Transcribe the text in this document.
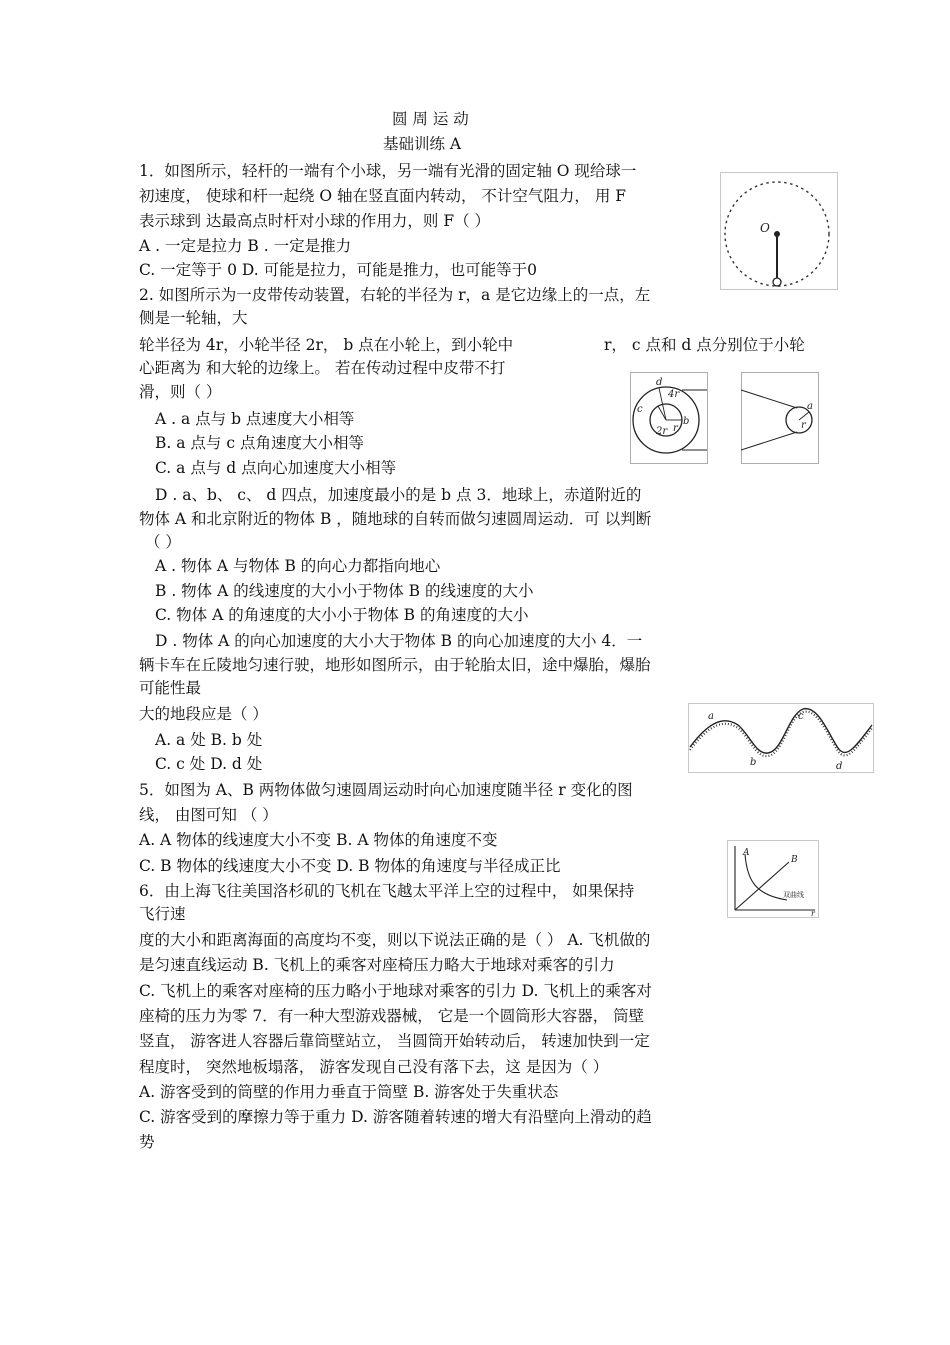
圆 周 运 动
基础训练 A
1．如图所示，轻杆的一端有个小球，另一端有光滑的固定轴 O 现给球一
初速度， 使球和杆一起绕 O 轴在竖直面内转动， 不计空气阻力， 用 F
表示球到 达最高点时杆对小球的作用力，则 F（ ）
A . 一定是拉力 B . 一定是推力
C. 一定等于 0 D. 可能是拉力，可能是推力，也可能等于0
2. 如图所示为一皮带传动装置，右轮的半径为 r，a 是它边缘上的一点，左
侧是一轮轴，大
轮半径为 4r，小轮半径 2r， b 点在小轮上，到小轮中
心距离为 和大轮的边缘上。 若在传动过程中皮带不打
滑，则（ ）
A . a 点与 b 点速度大小相等
B. a 点与 c 点角速度大小相等
C. a 点与 d 点向心加速度大小相等
D . a、b、 c、 d 四点，加速度最小的是 b 点 3．地球上，赤道附近的
物体 A 和北京附近的物体 B ，随地球的自转而做匀速圆周运动．可 以判断
（ ）
A . 物体 A 与物体 B 的向心力都指向地心
B . 物体 A 的线速度的大小小于物体 B 的线速度的大小
C. 物体 A 的角速度的大小小于物体 B 的角速度的大小
D . 物体 A 的向心加速度的大小大于物体 B 的向心加速度的大小 4．一
辆卡车在丘陵地匀速行驶，地形如图所示，由于轮胎太旧，途中爆胎，爆胎
可能性最
大的地段应是（ ）
A. a 处 B. b 处
C. c 处 D. d 处
5．如图为 A、B 两物体做匀速圆周运动时向心加速度随半径 r 变化的图
线， 由图可知 （ ）
A. A 物体的线速度大小不变 B. A 物体的角速度不变
C. B 物体的线速度大小不变 D. B 物体的角速度与半径成正比
6．由上海飞往美国洛杉矶的飞机在飞越太平洋上空的过程中， 如果保持
飞行速
度的大小和距离海面的高度均不变，则以下说法正确的是（ ） A. 飞机做的
是匀速直线运动 B. 飞机上的乘客对座椅压力略大于地球对乘客的引力
C. 飞机上的乘客对座椅的压力略小于地球对乘客的引力 D. 飞机上的乘客对
座椅的压力为零 7．有一种大型游戏器械， 它是一个圆筒形大容器， 筒壁
竖直， 游客进人容器后靠筒壁站立， 当圆筒开始转动后， 转速加快到一定
程度时， 突然地板塌落， 游客发现自己没有落下去，这 是因为（ ）
A. 游客受到的筒壁的作用力垂直于筒壁 B. 游客处于失重状态
C. 游客受到的摩擦力等于重力 D. 游客随着转速的增大有沿壁向上滑动的趋
势
r， c 点和 d 点分别位于小轮
O
d
4r
c
2r r
b
a
r
a
b
c
d
A
B
双曲线
r
